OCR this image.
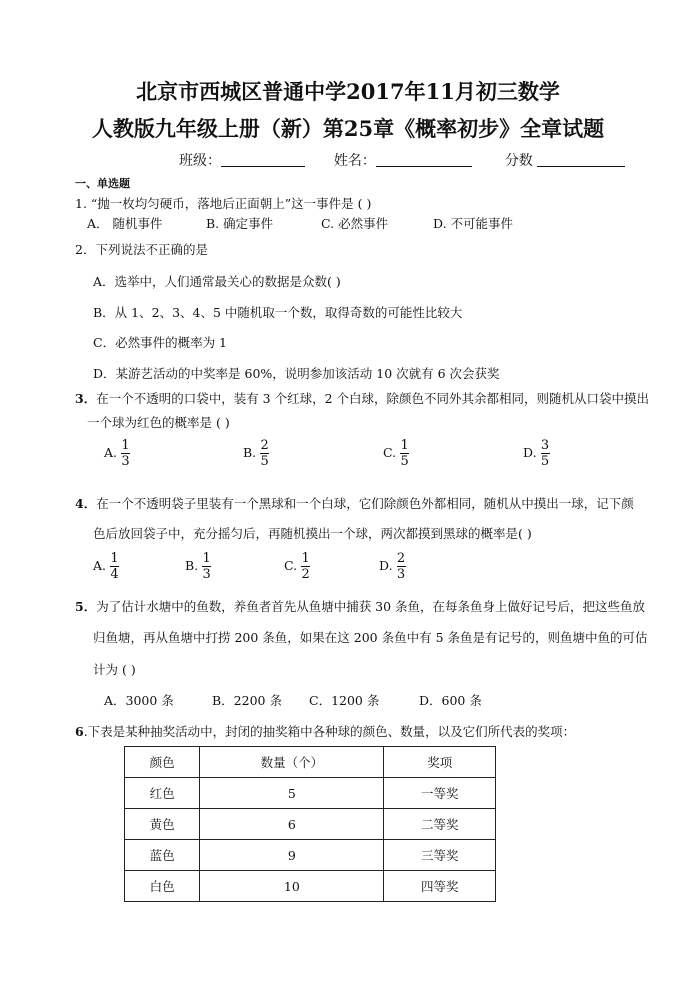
北京市西城区普通中学2017年11月初三数学
人教版九年级上册（新）第25章《概率初步》全章试题
班级：	姓名：	分数
一、单选题
1. “抛一枚均匀硬币，落地后正面朝上”这一事件是 ( )
A． 随机事件	B. 确定事件	C. 必然事件	D. 不可能事件
2．下列说法不正确的是
A．选举中，人们通常最关心的数据是众数( )
B．从 1、2、3、4、5 中随机取一个数，取得奇数的可能性比较大
C．必然事件的概率为 1
D．某游艺活动的中奖率是 60%，说明参加该活动 10 次就有 6 次会获奖
3．在一个不透明的口袋中，装有 3 个红球，2 个白球，除颜色不同外其余都相同，则随机从口袋中摸出
一个球为红色的概率是 ( )
A. $\frac{1}{3}$	B. $\frac{2}{5}$	C. $\frac{1}{5}$	D. $\frac{3}{5}$
4．在一个不透明袋子里装有一个黑球和一个白球，它们除颜色外都相同，随机从中摸出一球，记下颜
色后放回袋子中，充分摇匀后，再随机摸出一个球，两次都摸到黑球的概率是( )
A. $\frac{1}{4}$	B. $\frac{1}{3}$	C. $\frac{1}{2}$	D. $\frac{2}{3}$
5．为了估计水塘中的鱼数，养鱼者首先从鱼塘中捕获 30 条鱼，在每条鱼身上做好记号后，把这些鱼放
归鱼塘，再从鱼塘中打捞 200 条鱼，如果在这 200 条鱼中有 5 条鱼是有记号的，则鱼塘中鱼的可估
计为 ( )
A．3000 条	B．2200 条 C．1200 条	D．600 条
6.下表是某种抽奖活动中，封闭的抽奖箱中各种球的颜色、数量，以及它们所代表的奖项：
颜色	数量（个）	奖项
红色	5	一等奖
黄色	6	二等奖
蓝色	9	三等奖
白色	10	四等奖
